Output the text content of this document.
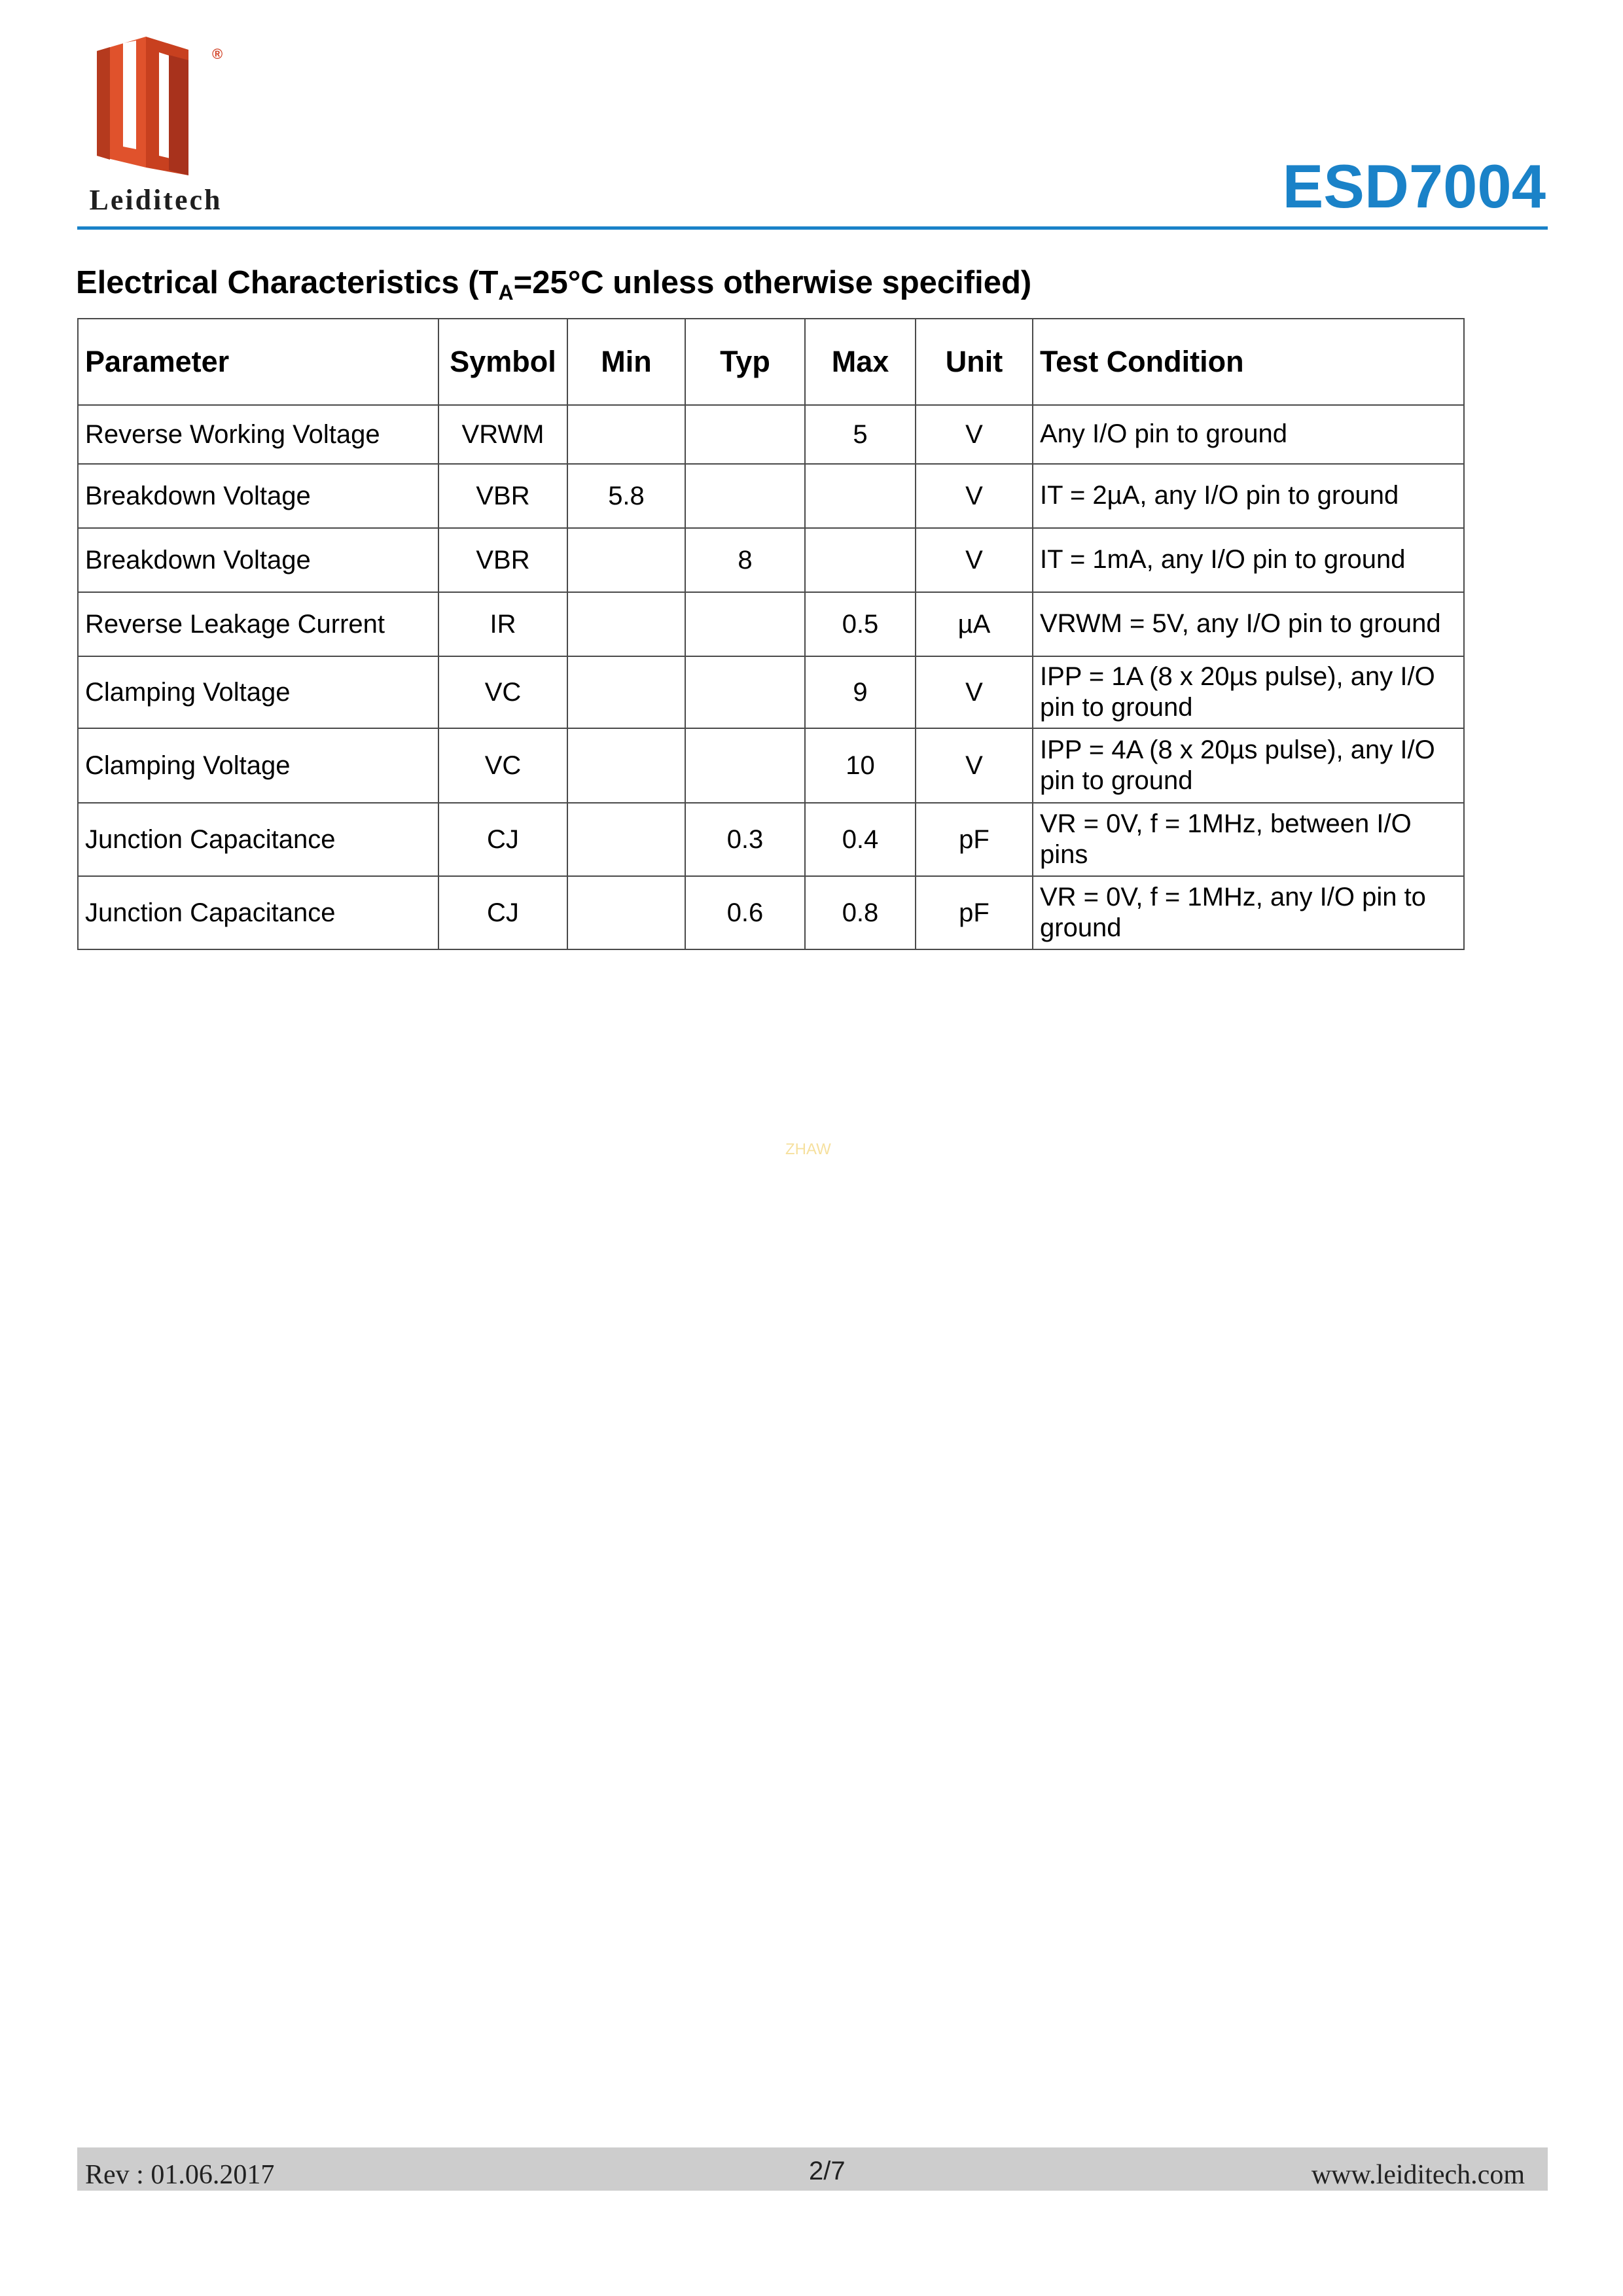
®
Leiditech	ESD7004
Electrical Characteristics ($T_A=25^\circ C$ unless otherwise specified)
Parameter	Symbol	Min	Typ	Max	Unit	Test Condition
Reverse Working Voltage	VRWM			5	V	Any I/O pin to ground
Breakdown Voltage	VBR	5.8			V	IT = 2µA, any I/O pin to ground
Breakdown Voltage	VBR		8		V	IT = 1mA, any I/O pin to ground
Reverse Leakage Current	IR			0.5	µA	VRWM = 5V, any I/O pin to ground
Clamping Voltage	VC			9	V	IPP = 1A (8 x 20µs pulse), any I/O pin to ground
Clamping Voltage	VC			10	V	IPP = 4A (8 x 20µs pulse), any I/O pin to ground
Junction Capacitance	CJ		0.3	0.4	pF	VR = 0V, f = 1MHz, between I/O pins
Junction Capacitance	CJ		0.6	0.8	pF	VR = 0V, f = 1MHz, any I/O pin to ground
ZHAW
Rev : 01.06.2017	2/7	www.leiditech.com
